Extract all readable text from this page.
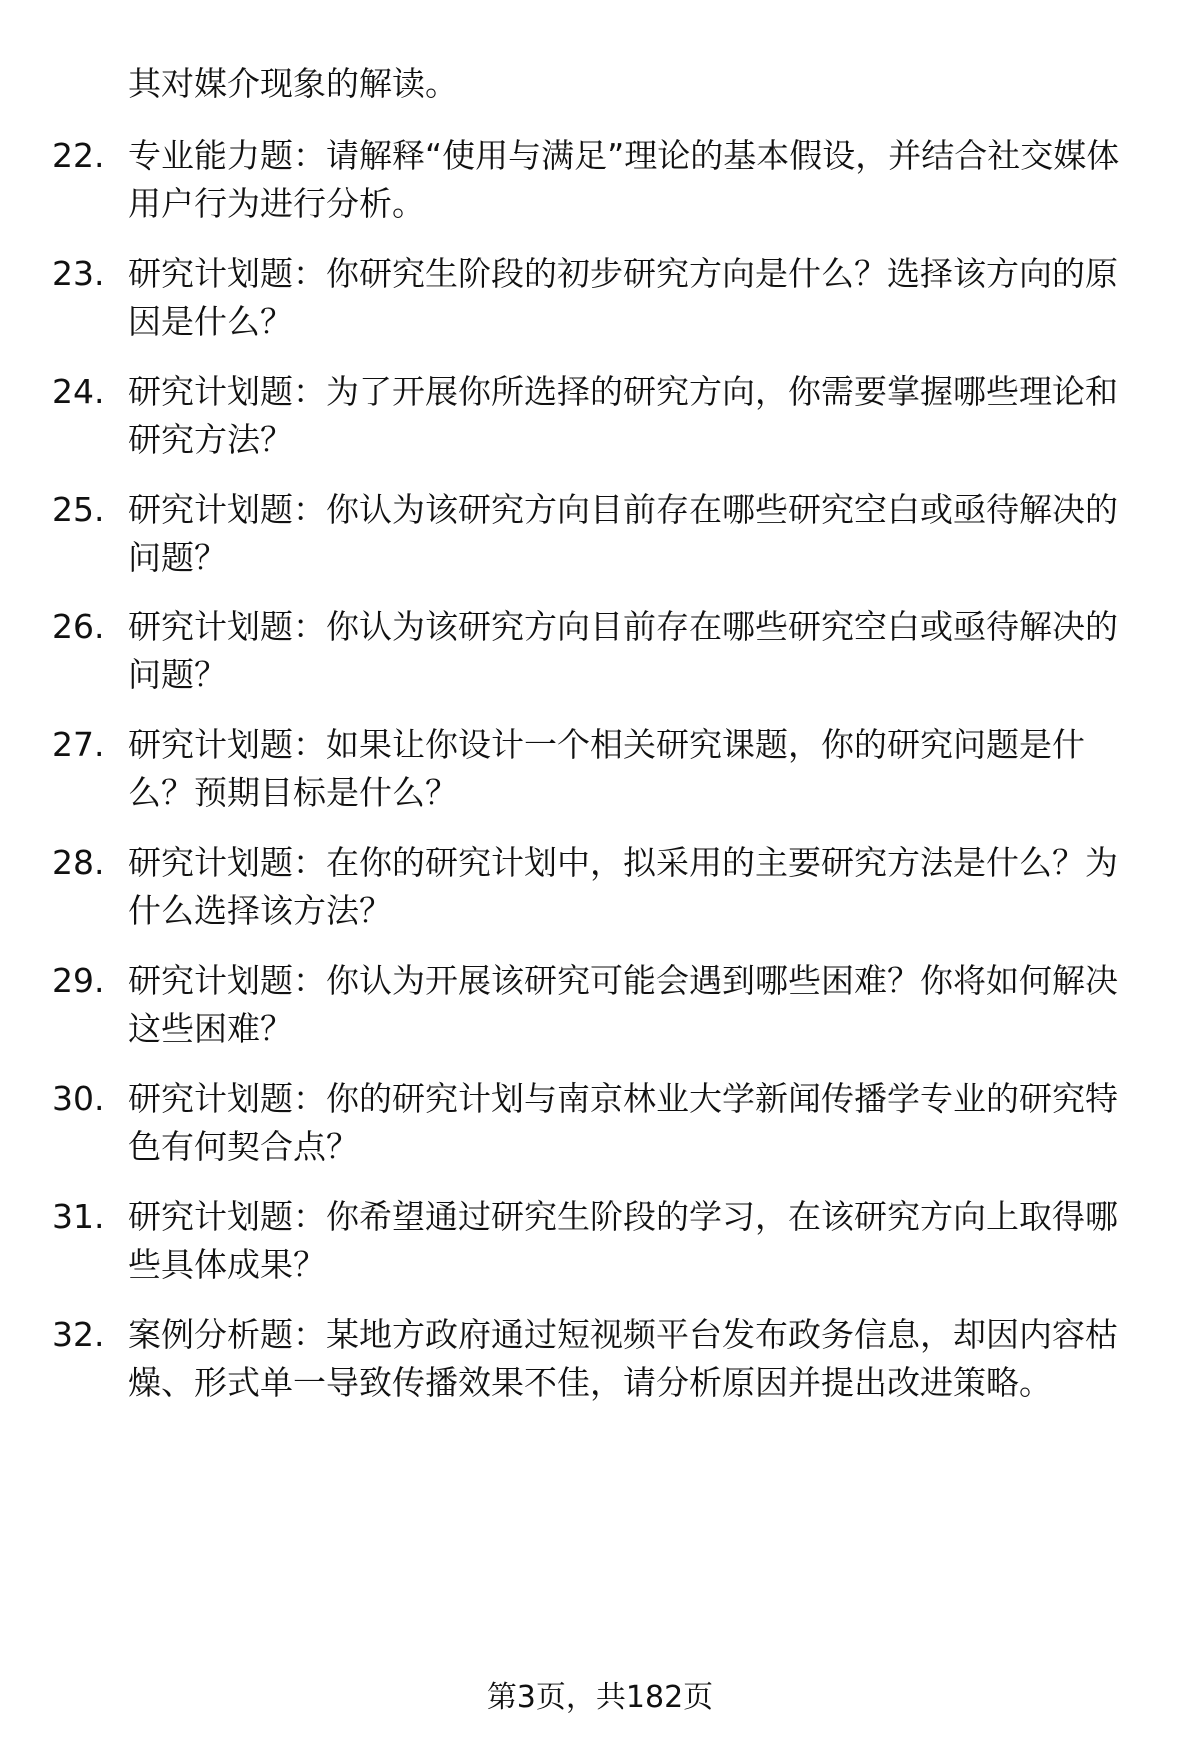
其对媒介现象的解读。
22. 专业能力题：请解释“使用与满足”理论的基本假设，并结合社交媒体用户行为进行分析。
23. 研究计划题：你研究生阶段的初步研究方向是什么？选择该方向的原因是什么？
24. 研究计划题：为了开展你所选择的研究方向，你需要掌握哪些理论和研究方法？
25. 研究计划题：你认为该研究方向目前存在哪些研究空白或亟待解决的问题？
26. 研究计划题：你认为该研究方向目前存在哪些研究空白或亟待解决的问题？
27. 研究计划题：如果让你设计一个相关研究课题，你的研究问题是什么？预期目标是什么？
28. 研究计划题：在你的研究计划中，拟采用的主要研究方法是什么？为什么选择该方法？
29. 研究计划题：你认为开展该研究可能会遇到哪些困难？你将如何解决这些困难？
30. 研究计划题：你的研究计划与南京林业大学新闻传播学专业的研究特色有何契合点？
31. 研究计划题：你希望通过研究生阶段的学习，在该研究方向上取得哪些具体成果？
32. 案例分析题：某地方政府通过短视频平台发布政务信息，却因内容枯燥、形式单一导致传播效果不佳，请分析原因并提出改进策略。
第3页，共182页
